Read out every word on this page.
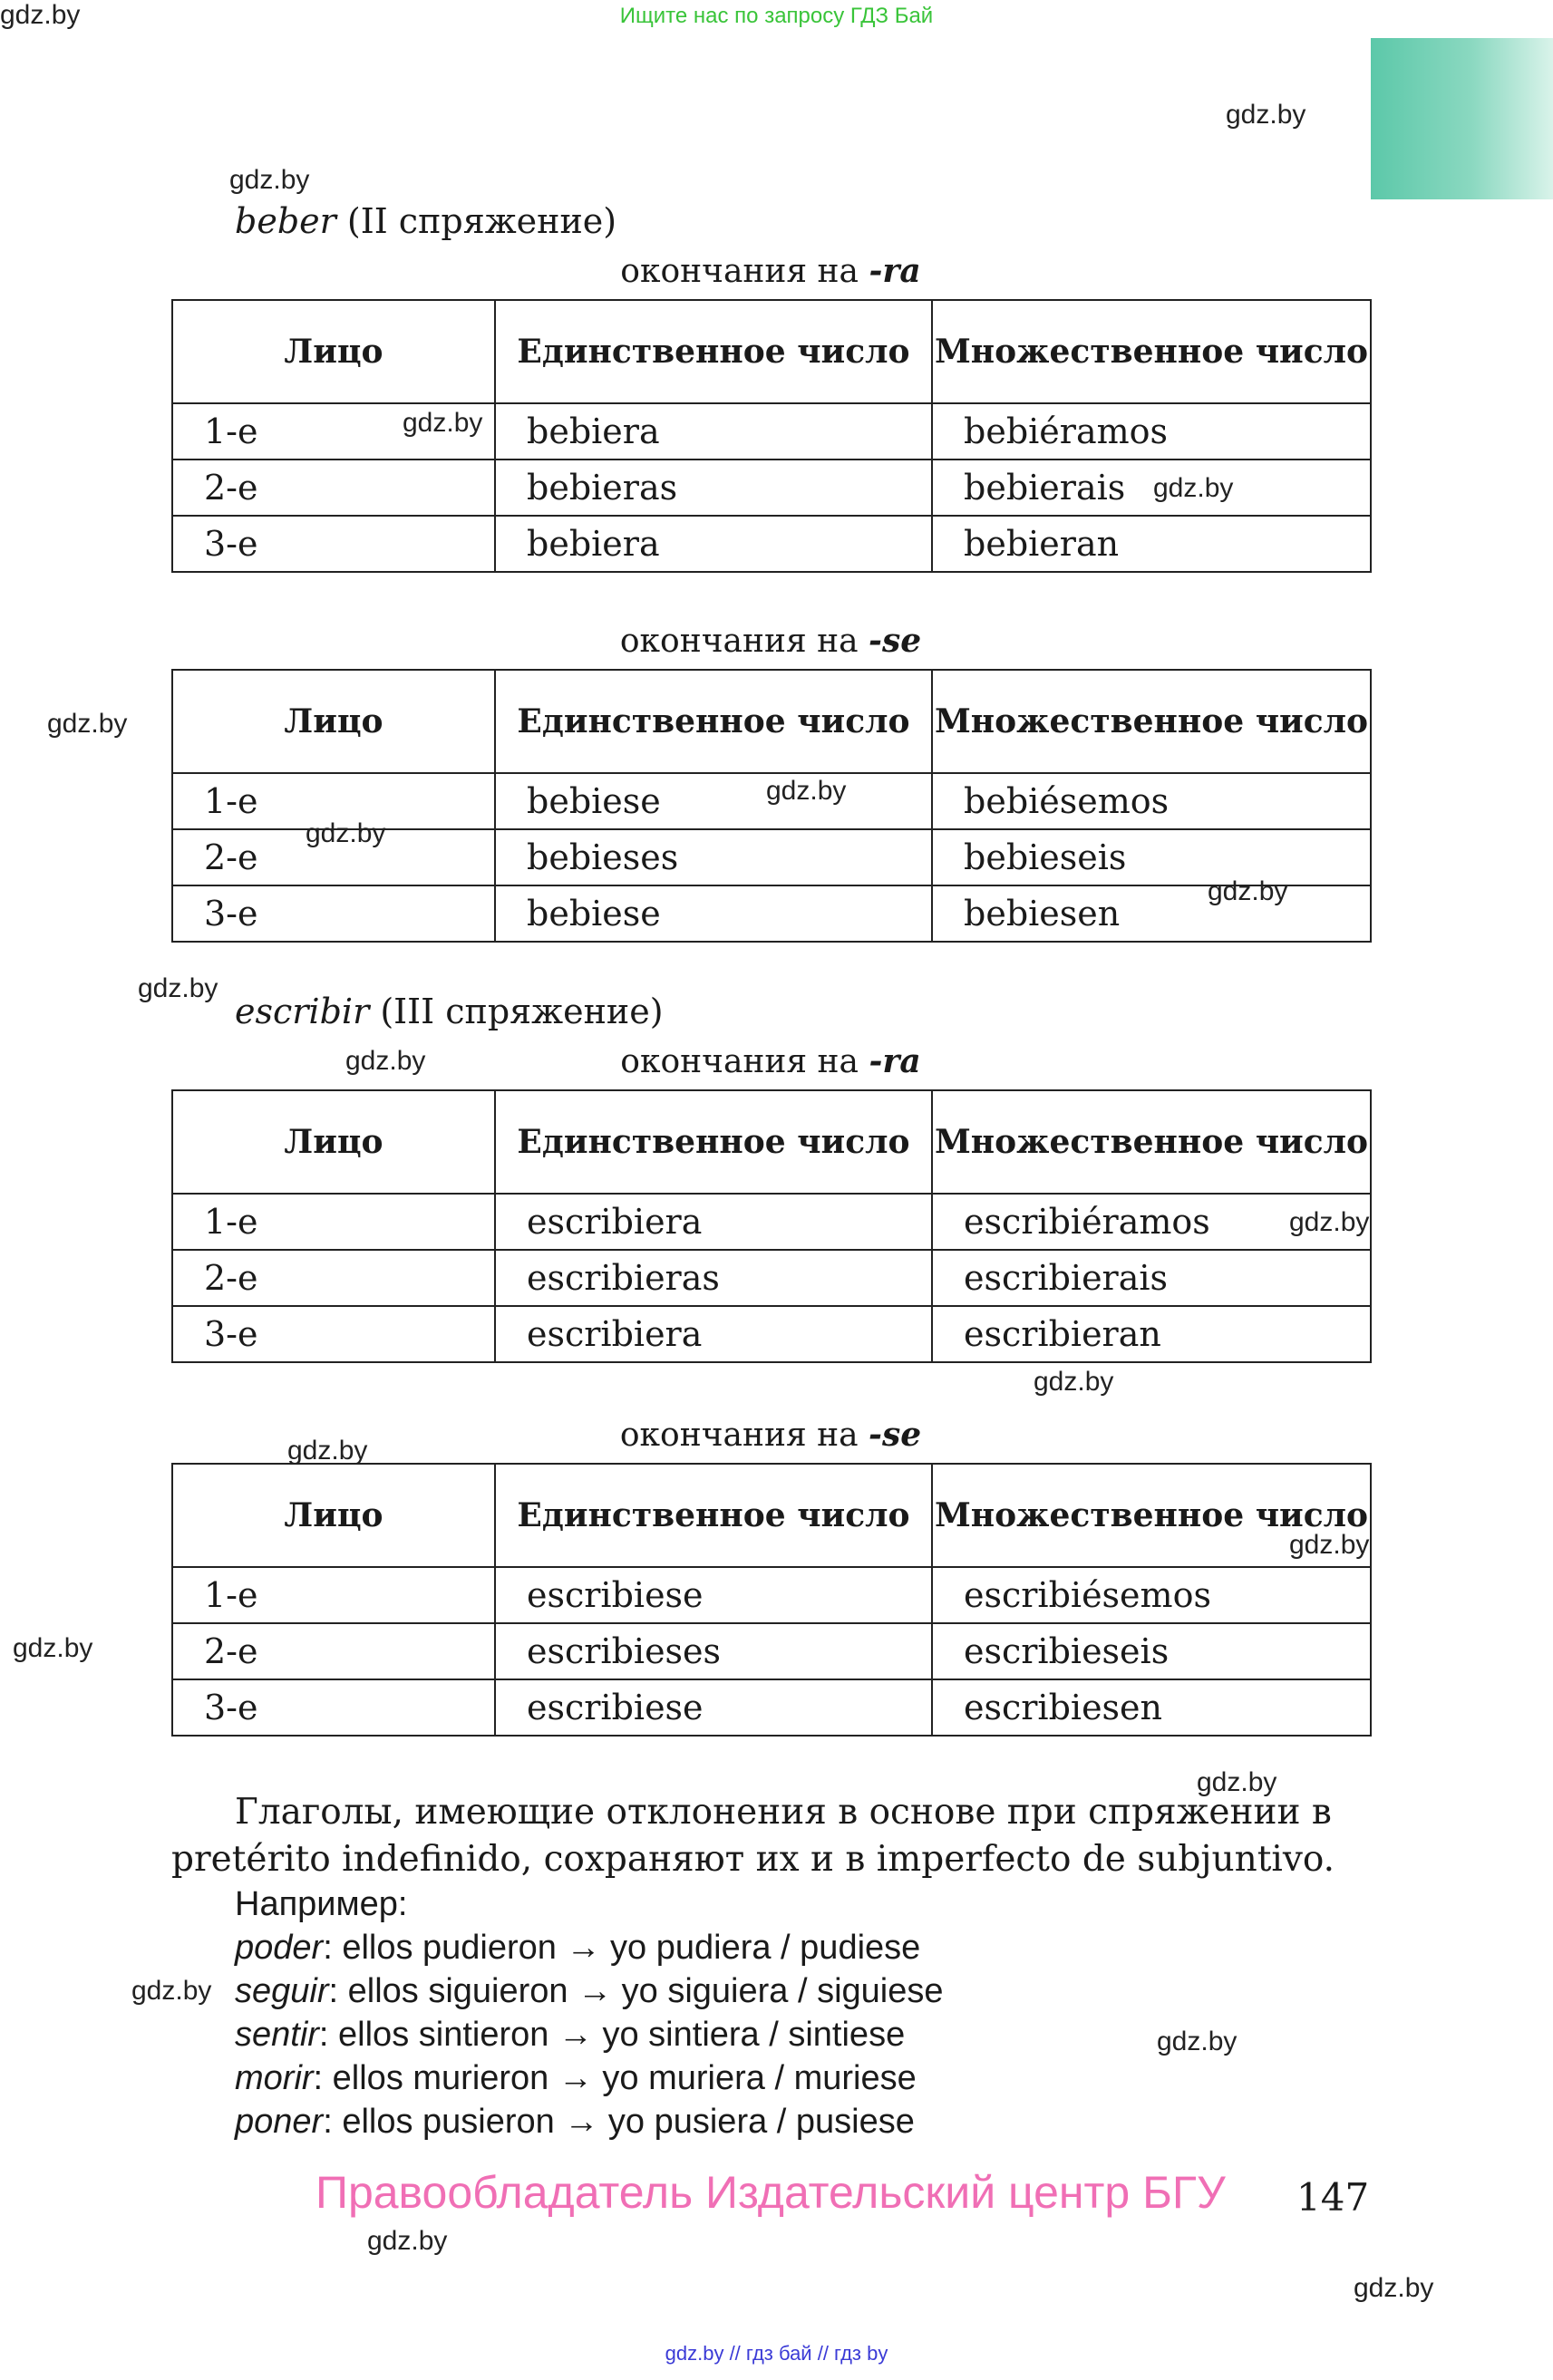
Ищите нас по запросу ГДЗ Бай
beber (II спряжение)
окончания на -ra
Лицо	Единственное число	Множественное число
1-е	bebiera	bebiéramos
2-е	bebieras	bebierais
3-е	bebiera	bebieran
окончания на -se
Лицо	Единственное число	Множественное число
1-е	bebiese	bebiésemos
2-е	bebieses	bebieseis
3-е	bebiese	bebiesen
escribir (III спряжение)
окончания на -ra
Лицо	Единственное число	Множественное число
1-е	escribiera	escribiéramos
2-е	escribieras	escribierais
3-е	escribiera	escribieran
окончания на -se
Лицо	Единственное число	Множественное число
1-е	escribiese	escribiésemos
2-е	escribieses	escribieseis
3-е	escribiese	escribiesen
Глаголы, имеющие отклонения в основе при спряжении в pretérito indefinido, сохраняют их и в imperfecto de subjuntivo.
Например:
poder: ellos pudieron → yo pudiera / pudiese
seguir: ellos siguieron → yo siguiera / siguiese
sentir: ellos sintieron → yo sintiera / sintiese
morir: ellos murieron → yo muriera / muriese
poner: ellos pusieron → yo pusiera / pusiese
Правообладатель Издательский центр БГУ 147
gdz.by // гдз бай // гдз by
gdz.by
gdz.by
gdz.by
gdz.by
gdz.by
gdz.by
gdz.by
gdz.by
gdz.by
gdz.by
gdz.by
gdz.by
gdz.by
gdz.by
gdz.by
gdz.by
gdz.by
gdz.by
gdz.by
gdz.by
gdz.by
